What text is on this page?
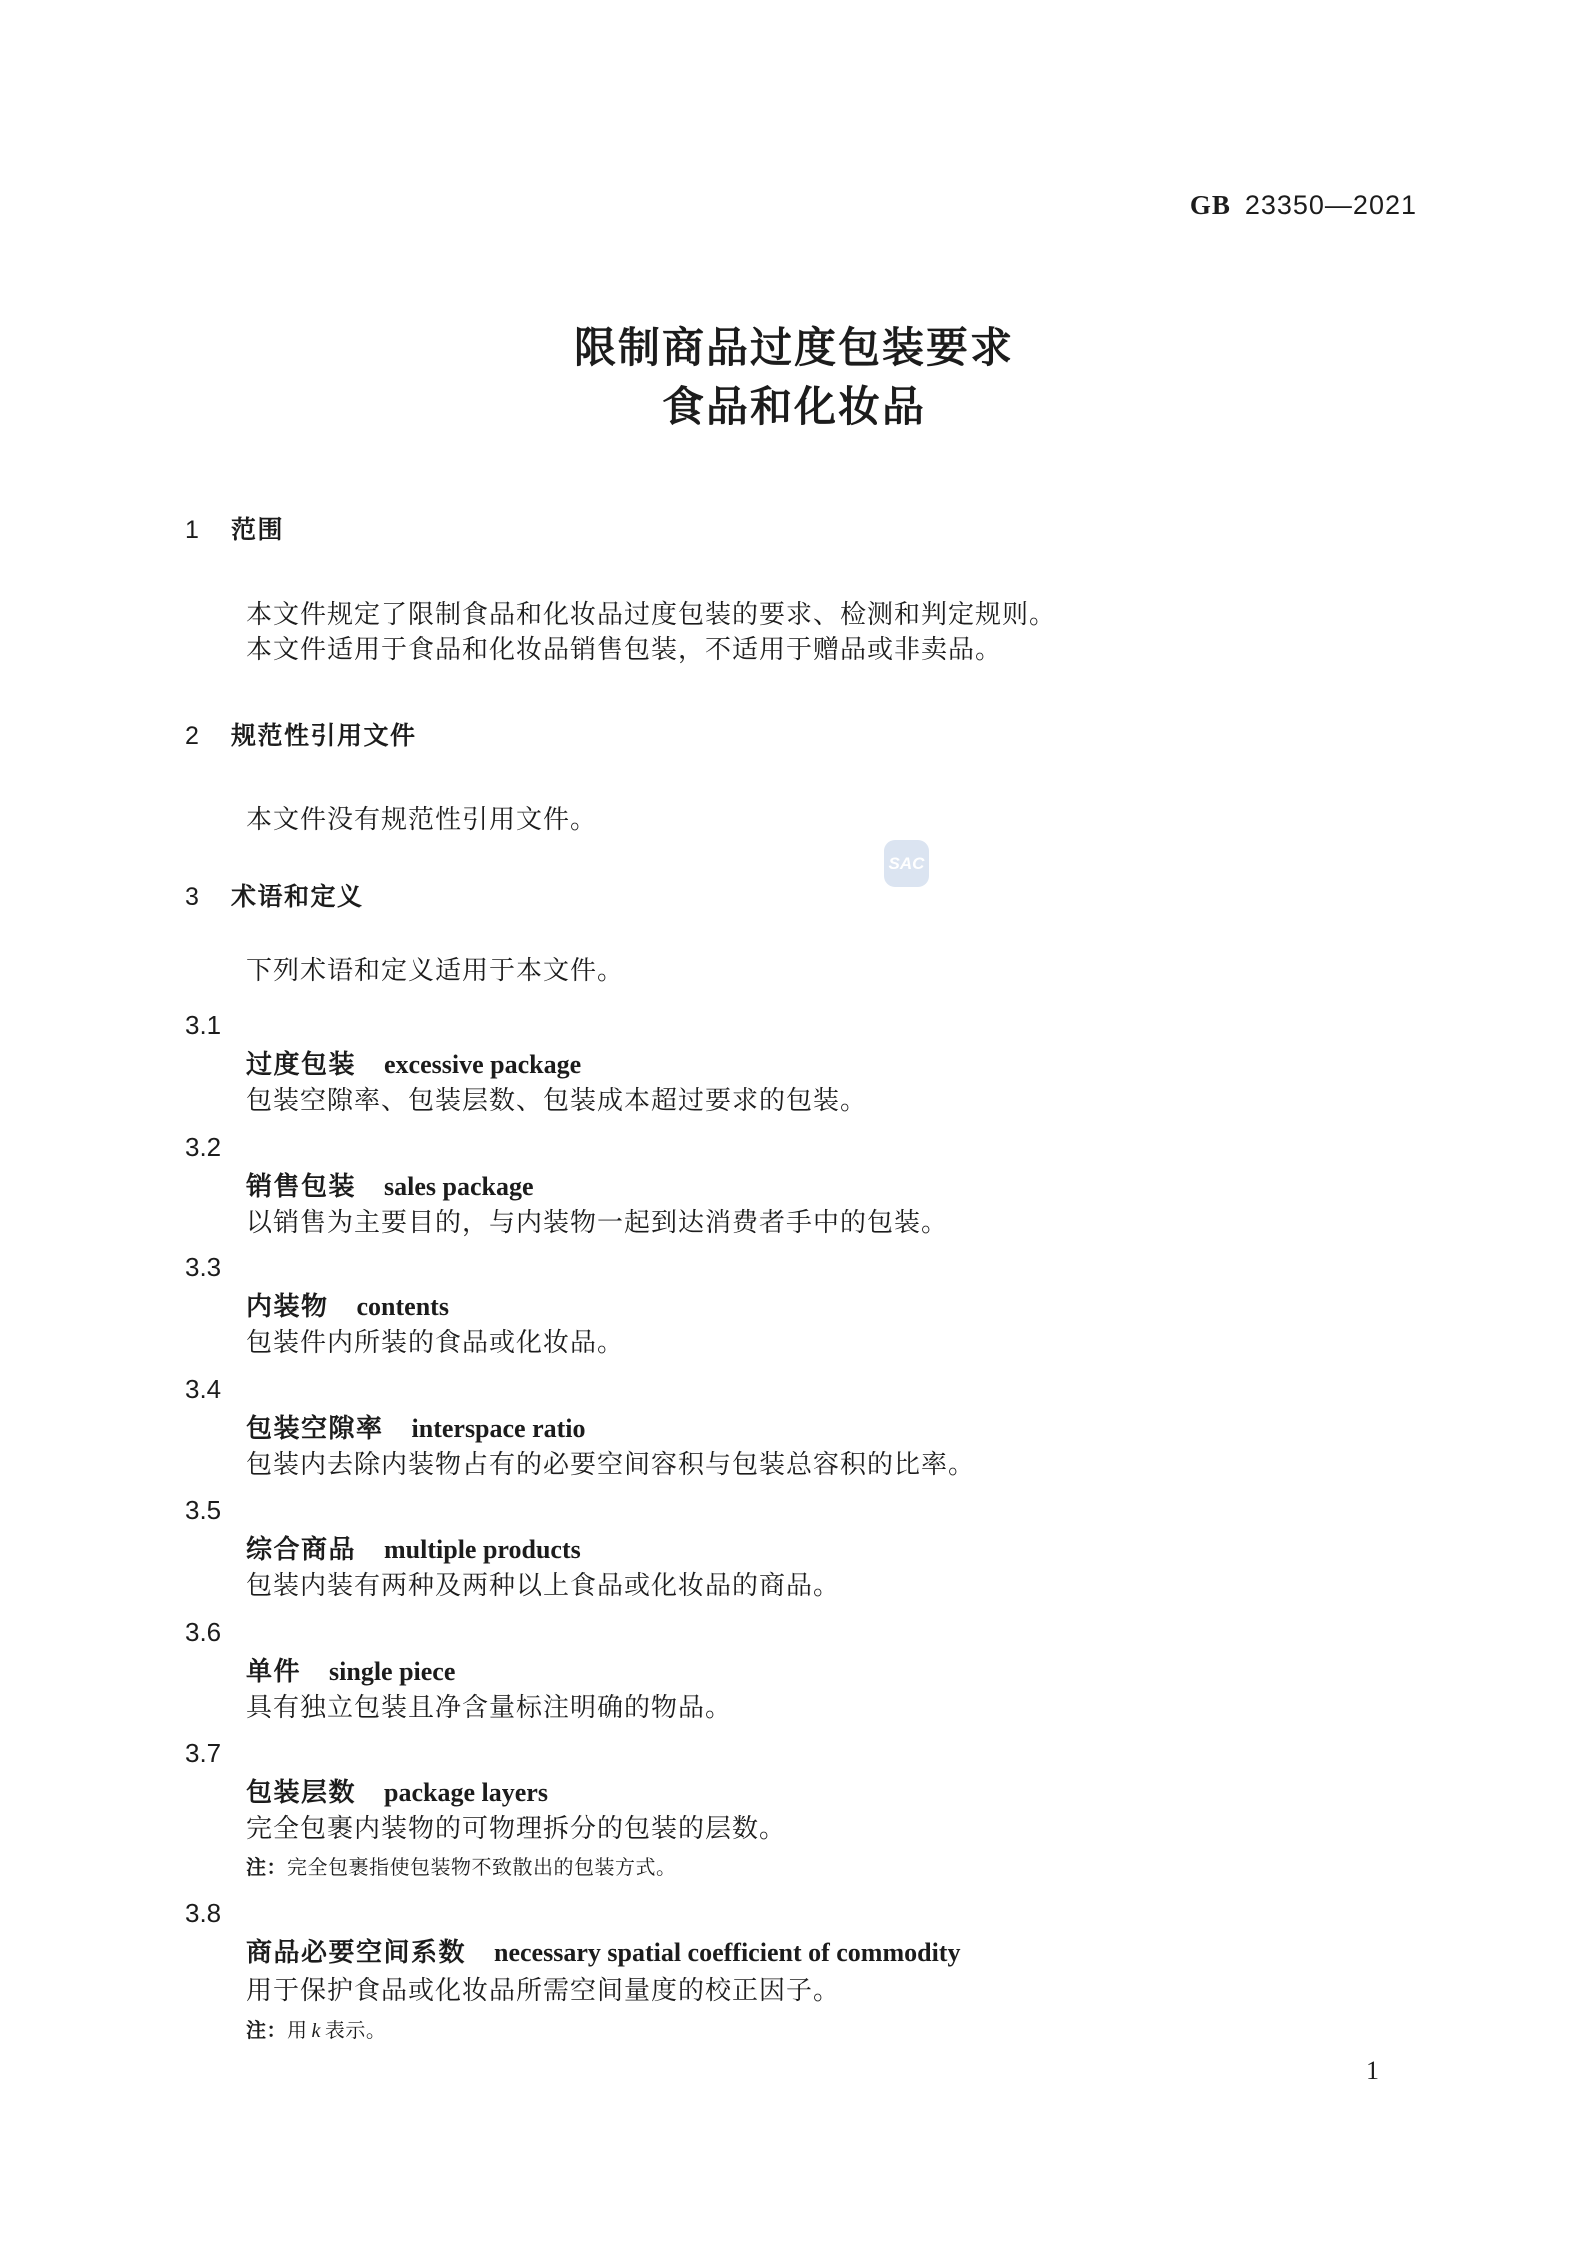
GB 23350—2021
SAC
限制商品过度包装要求
食品和化妆品
1	范围
本文件规定了限制食品和化妆品过度包装的要求、检测和判定规则。
本文件适用于食品和化妆品销售包装，不适用于赠品或非卖品。
2	规范性引用文件
本文件没有规范性引用文件。
3	术语和定义
下列术语和定义适用于本文件。
3.1
过度包装 excessive package
包装空隙率、包装层数、包装成本超过要求的包装。
3.2
销售包装 sales package
以销售为主要目的，与内装物一起到达消费者手中的包装。
3.3
内装物 contents
包装件内所装的食品或化妆品。
3.4
包装空隙率 interspace ratio
包装内去除内装物占有的必要空间容积与包装总容积的比率。
3.5
综合商品 multiple products
包装内装有两种及两种以上食品或化妆品的商品。
3.6
单件 single piece
具有独立包装且净含量标注明确的物品。
3.7
包装层数 package layers
完全包裹内装物的可物理拆分的包装的层数。
注：完全包裹指使包装物不致散出的包装方式。
3.8
商品必要空间系数 necessary spatial coefficient of commodity
用于保护食品或化妆品所需空间量度的校正因子。
注：用 k 表示。
1
